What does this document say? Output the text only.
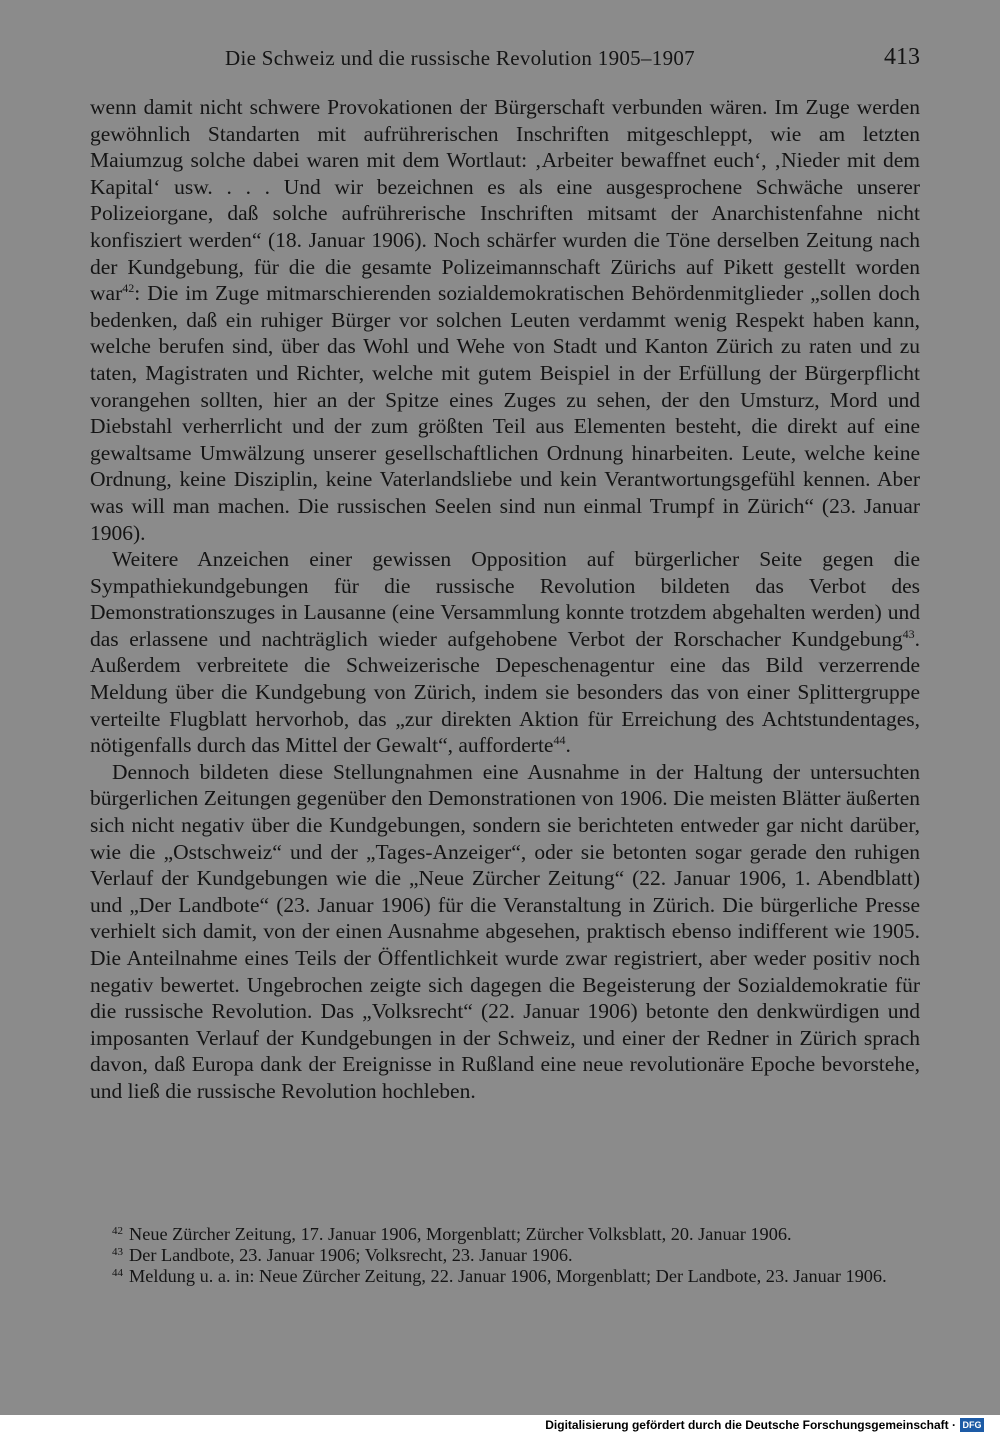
Die Schweiz und die russische Revolution 1905–1907	413

wenn damit nicht schwere Provokationen der Bürgerschaft verbunden wären. Im Zuge werden gewöhnlich Standarten mit aufrührerischen Inschriften mitgeschleppt, wie am letzten Maiumzug solche dabei waren mit dem Wortlaut: ‚Arbeiter bewaffnet euch‘, ‚Nieder mit dem Kapital‘ usw. . . . Und wir bezeichnen es als eine ausgesprochene Schwäche unserer Polizeiorgane, daß solche aufrührerische Inschriften mitsamt der Anarchistenfahne nicht konfisziert werden“ (18. Januar 1906). Noch schärfer wurden die Töne derselben Zeitung nach der Kundgebung, für die die gesamte Polizeimannschaft Zürichs auf Pikett gestellt worden war$^{42}$: Die im Zuge mitmarschierenden sozialdemokratischen Behördenmitglieder „sollen doch bedenken, daß ein ruhiger Bürger vor solchen Leuten verdammt wenig Respekt haben kann, welche berufen sind, über das Wohl und Wehe von Stadt und Kanton Zürich zu raten und zu taten, Magistraten und Richter, welche mit gutem Beispiel in der Erfüllung der Bürgerpflicht vorangehen sollten, hier an der Spitze eines Zuges zu sehen, der den Umsturz, Mord und Diebstahl verherrlicht und der zum größten Teil aus Elementen besteht, die direkt auf eine gewaltsame Umwälzung unserer gesellschaftlichen Ordnung hinarbeiten. Leute, welche keine Ordnung, keine Disziplin, keine Vaterlandsliebe und kein Verantwortungsgefühl kennen. Aber was will man machen. Die russischen Seelen sind nun einmal Trumpf in Zürich“ (23. Januar 1906).

Weitere Anzeichen einer gewissen Opposition auf bürgerlicher Seite gegen die Sympathiekundgebungen für die russische Revolution bildeten das Verbot des Demonstrationszuges in Lausanne (eine Versammlung konnte trotzdem abgehalten werden) und das erlassene und nachträglich wieder aufgehobene Verbot der Rorschacher Kundgebung$^{43}$. Außerdem verbreitete die Schweizerische Depeschenagentur eine das Bild verzerrende Meldung über die Kundgebung von Zürich, indem sie besonders das von einer Splittergruppe verteilte Flugblatt hervorhob, das „zur direkten Aktion für Erreichung des Achtstundentages, nötigenfalls durch das Mittel der Gewalt“, aufforderte$^{44}$.

Dennoch bildeten diese Stellungnahmen eine Ausnahme in der Haltung der untersuchten bürgerlichen Zeitungen gegenüber den Demonstrationen von 1906. Die meisten Blätter äußerten sich nicht negativ über die Kundgebungen, sondern sie berichteten entweder gar nicht darüber, wie die „Ostschweiz“ und der „Tages-Anzeiger“, oder sie betonten sogar gerade den ruhigen Verlauf der Kundgebungen wie die „Neue Zürcher Zeitung“ (22. Januar 1906, 1. Abendblatt) und „Der Landbote“ (23. Januar 1906) für die Veranstaltung in Zürich. Die bürgerliche Presse verhielt sich damit, von der einen Ausnahme abgesehen, praktisch ebenso indifferent wie 1905. Die Anteilnahme eines Teils der Öffentlichkeit wurde zwar registriert, aber weder positiv noch negativ bewertet. Ungebrochen zeigte sich dagegen die Begeisterung der Sozialdemokratie für die russische Revolution. Das „Volksrecht“ (22. Januar 1906) betonte den denkwürdigen und imposanten Verlauf der Kundgebungen in der Schweiz, und einer der Redner in Zürich sprach davon, daß Europa dank der Ereignisse in Rußland eine neue revolutionäre Epoche bevorstehe, und ließ die russische Revolution hochleben.

$^{42}$ Neue Zürcher Zeitung, 17. Januar 1906, Morgenblatt; Zürcher Volksblatt, 20. Januar 1906.

$^{43}$ Der Landbote, 23. Januar 1906; Volksrecht, 23. Januar 1906.

$^{44}$ Meldung u. a. in: Neue Zürcher Zeitung, 22. Januar 1906, Morgenblatt; Der Landbote, 23. Januar 1906.

Digitalisierung gefördert durch die Deutsche Forschungsgemeinschaft · DFG
